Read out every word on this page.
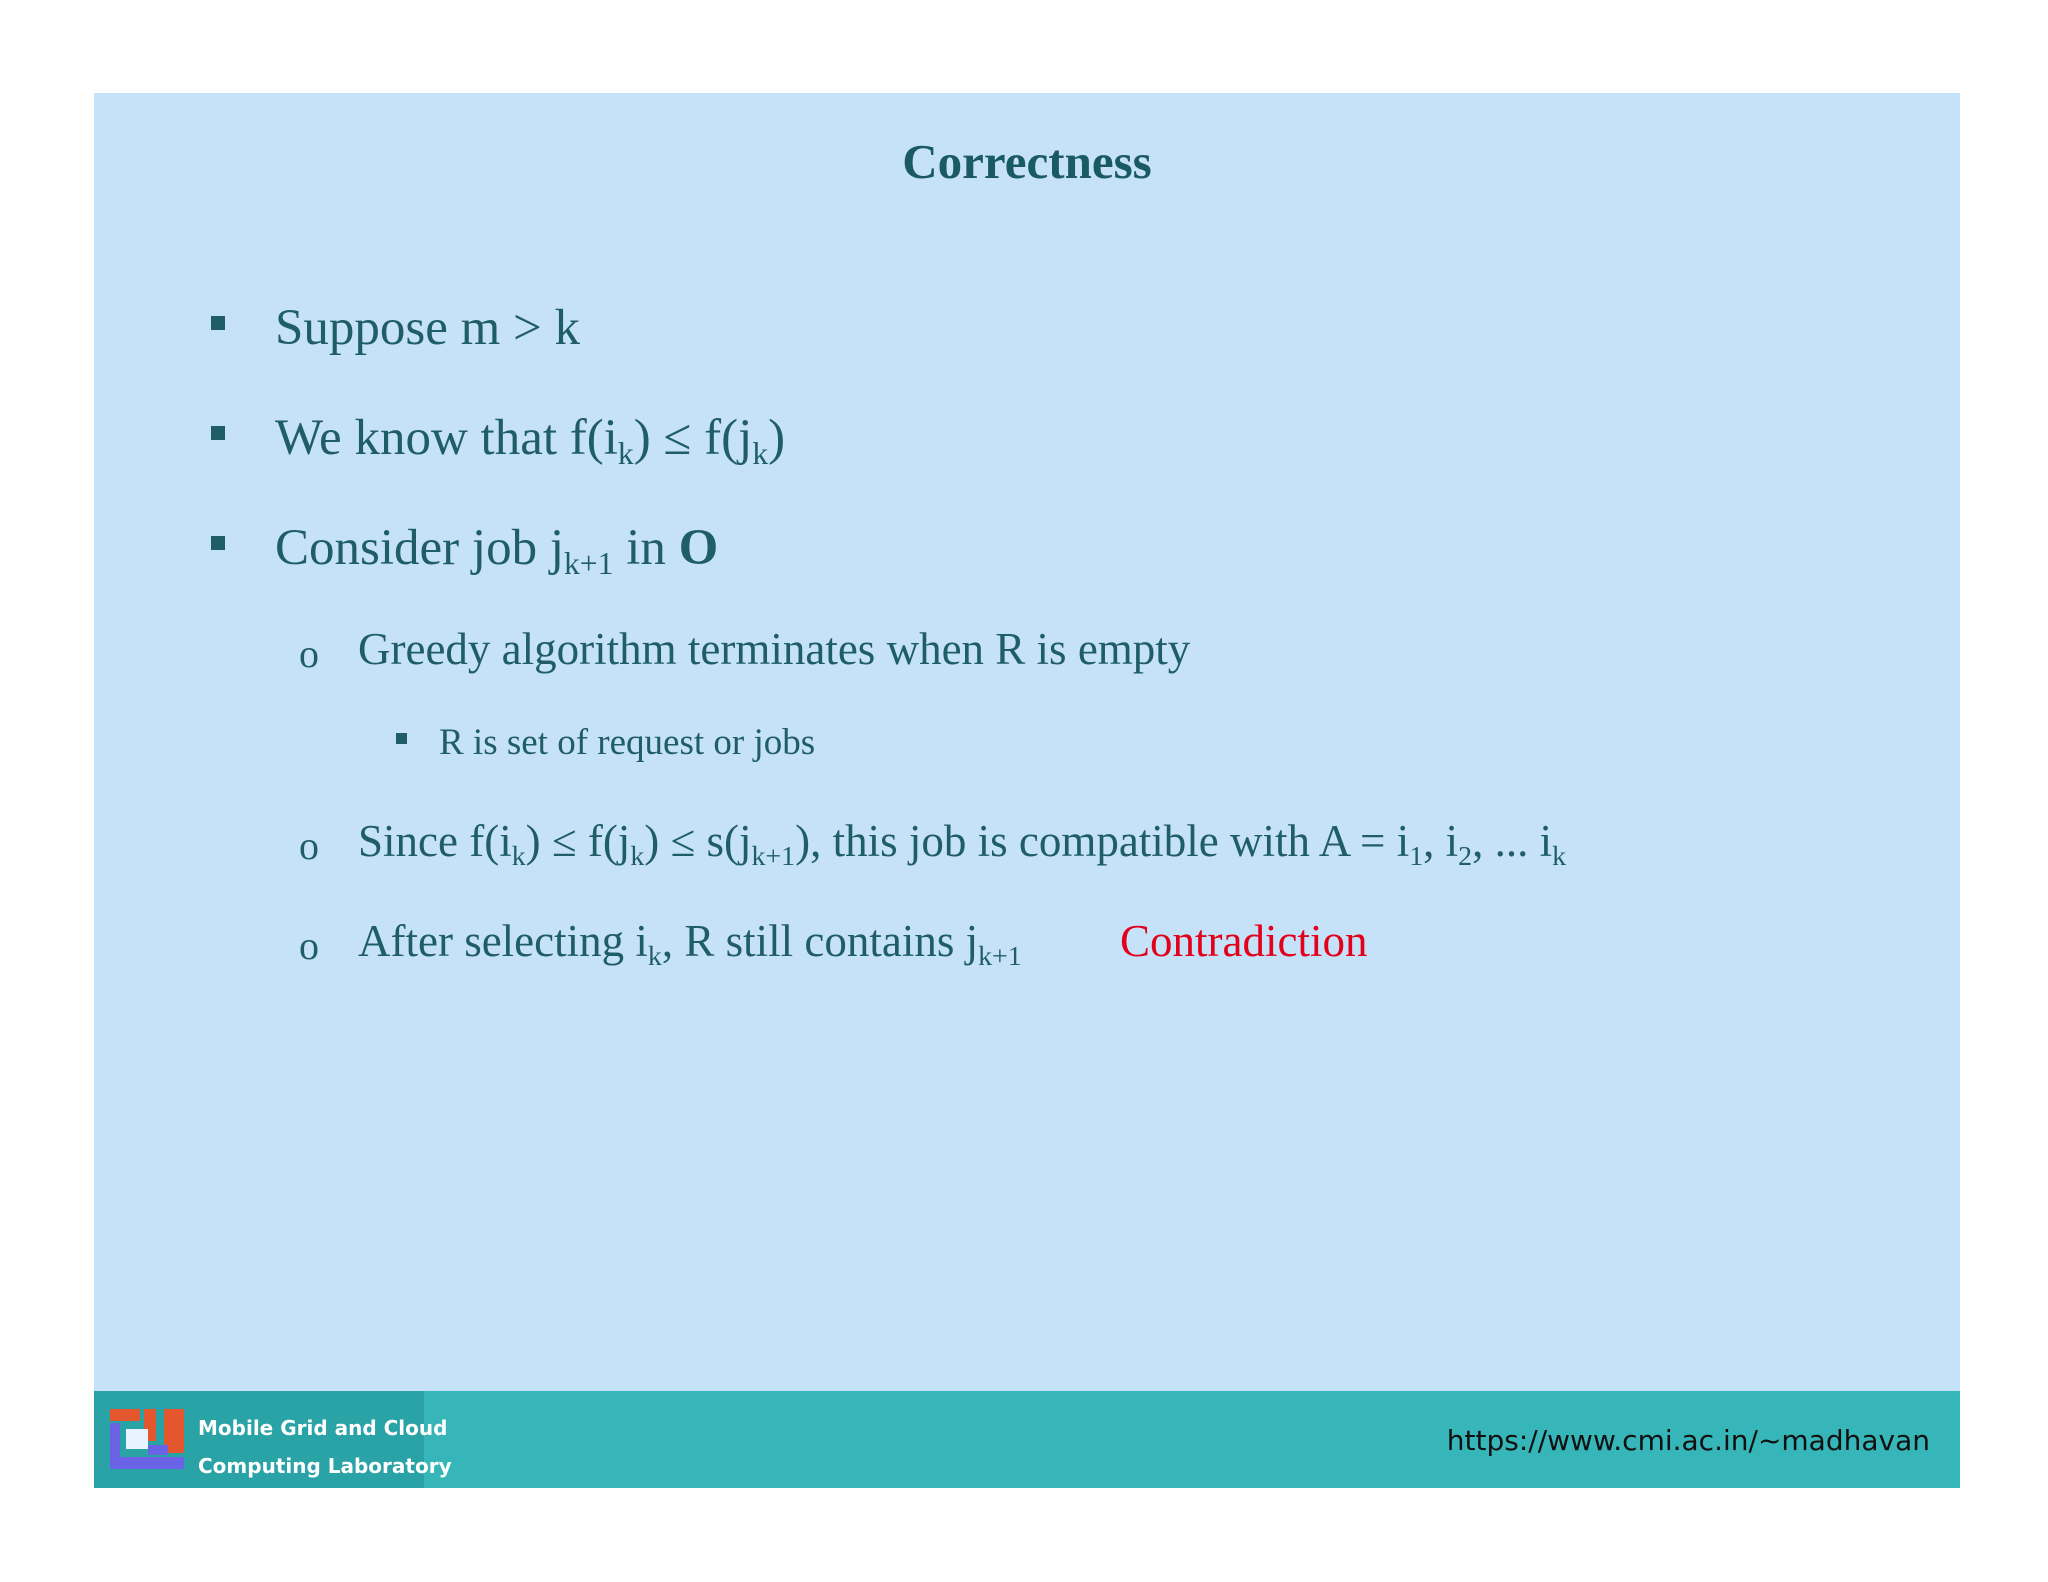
Correctness
Suppose m > k
We know that $f(i_k) \le f(j_k)$
Consider job $j_{k+1}$ in O
o Greedy algorithm terminates when R is empty
R is set of request or jobs
o Since $f(i_k) \le f(j_k) \le s(j_{k+1})$, this job is compatible with $A = i_1$, $i_2$, ... $i_k$
o After selecting $i_k$, R still contains $j_{k+1}$ Contradiction
Mobile Grid and Cloud
Computing Laboratory
https://www.cmi.ac.in/~madhavan
